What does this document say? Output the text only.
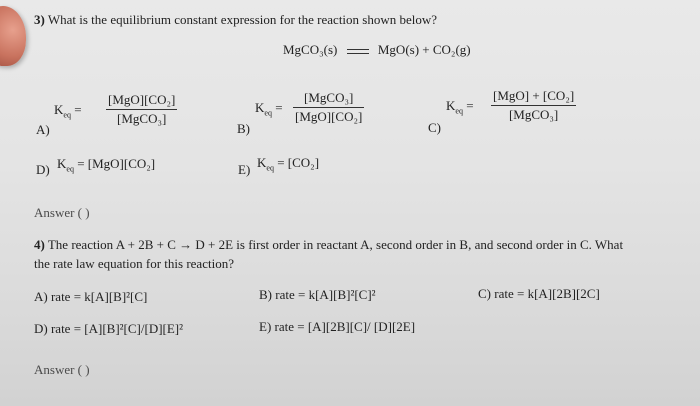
3) What is the equilibrium constant expression for the reaction shown below?
MgCO₃(s)	MgO(s) + CO₂(g)
$K_{eq}$ =
[MgO][CO₂]
[MgCO₃]
A)
$K_{eq}$ =
[MgCO₃]
[MgO][CO₂]
B)
$K_{eq}$ =
[MgO] + [CO₂]
[MgCO₃]
C)
D) $K_{eq} = [MgO][CO_2]$	E) $K_{eq} = [CO_2]$
Answer ( )
4) The reaction A + 2B + C → D + 2E is first order in reactant A, second order in B, and second order in C. What
the rate law equation for this reaction?
A) rate = k[A][B]²[C]	B) rate = k[A][B]²[C]²	C) rate = k[A][2B][2C]
D) rate = [A][B]²[C]/[D][E]²	E) rate = [A][2B][C]/ [D][2E]
Answer ( )
